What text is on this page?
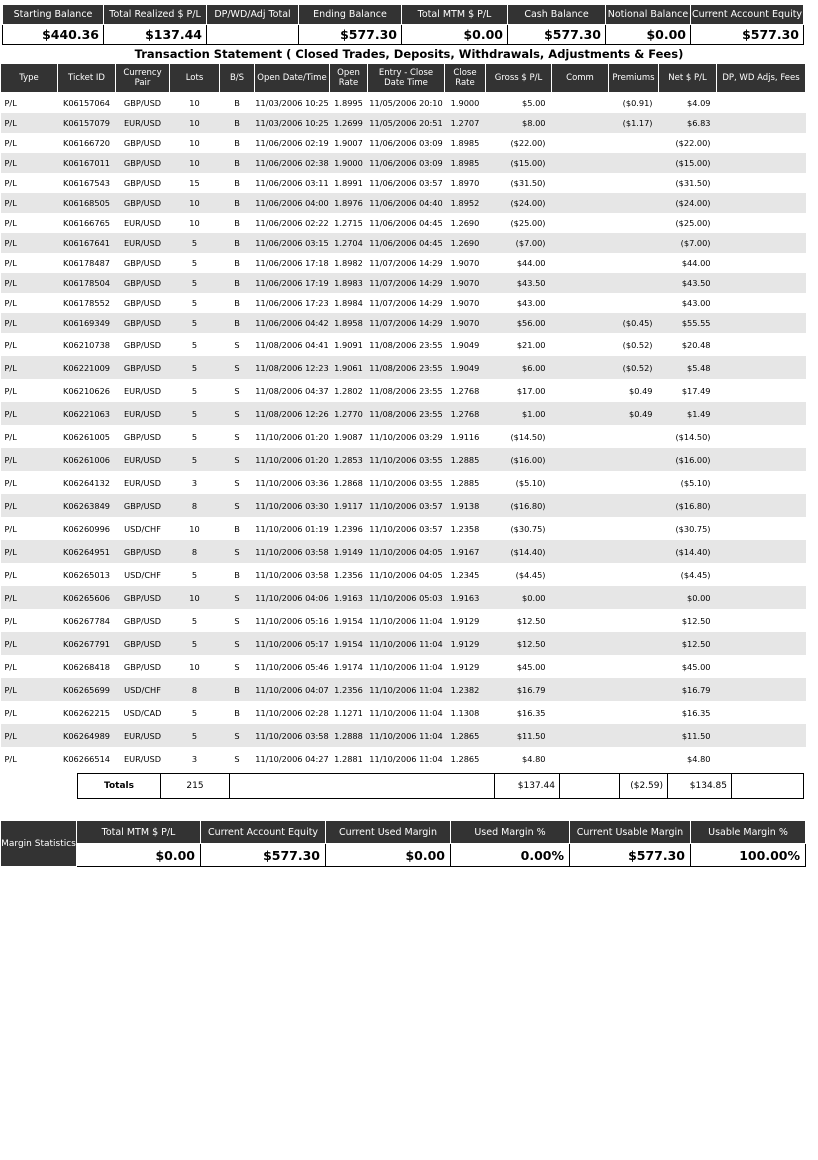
Starting Balance	Total Realized $ P/L	DP/WD/Adj Total	Ending Balance	Total MTM $ P/L	Cash Balance	Notional Balance	Current Account Equity
$440.36	$137.44		$577.30	$0.00	$577.30	$0.00	$577.30
Transaction Statement ( Closed Trades, Deposits, Withdrawals, Adjustments & Fees)
Type	Ticket ID	Currency Pair	Lots	B/S	Open Date/Time	Open Rate	Entry - Close Date Time	Close Rate	Gross $ P/L	Comm	Premiums	Net $ P/L	DP, WD Adjs, Fees
P/L	K06157064	GBP/USD	10	B	11/03/2006 10:25	1.8995	11/05/2006 20:10	1.9000	$5.00		($0.91)	$4.09	
P/L	K06157079	EUR/USD	10	B	11/03/2006 10:25	1.2699	11/05/2006 20:51	1.2707	$8.00		($1.17)	$6.83	
P/L	K06166720	GBP/USD	10	B	11/06/2006 02:19	1.9007	11/06/2006 03:09	1.8985	($22.00)			($22.00)	
P/L	K06167011	GBP/USD	10	B	11/06/2006 02:38	1.9000	11/06/2006 03:09	1.8985	($15.00)			($15.00)	
P/L	K06167543	GBP/USD	15	B	11/06/2006 03:11	1.8991	11/06/2006 03:57	1.8970	($31.50)			($31.50)	
P/L	K06168505	GBP/USD	10	B	11/06/2006 04:00	1.8976	11/06/2006 04:40	1.8952	($24.00)			($24.00)	
P/L	K06166765	EUR/USD	10	B	11/06/2006 02:22	1.2715	11/06/2006 04:45	1.2690	($25.00)			($25.00)	
P/L	K06167641	EUR/USD	5	B	11/06/2006 03:15	1.2704	11/06/2006 04:45	1.2690	($7.00)			($7.00)	
P/L	K06178487	GBP/USD	5	B	11/06/2006 17:18	1.8982	11/07/2006 14:29	1.9070	$44.00			$44.00	
P/L	K06178504	GBP/USD	5	B	11/06/2006 17:19	1.8983	11/07/2006 14:29	1.9070	$43.50			$43.50	
P/L	K06178552	GBP/USD	5	B	11/06/2006 17:23	1.8984	11/07/2006 14:29	1.9070	$43.00			$43.00	
P/L	K06169349	GBP/USD	5	B	11/06/2006 04:42	1.8958	11/07/2006 14:29	1.9070	$56.00		($0.45)	$55.55	
P/L	K06210738	GBP/USD	5	S	11/08/2006 04:41	1.9091	11/08/2006 23:55	1.9049	$21.00		($0.52)	$20.48	
P/L	K06221009	GBP/USD	5	S	11/08/2006 12:23	1.9061	11/08/2006 23:55	1.9049	$6.00		($0.52)	$5.48	
P/L	K06210626	EUR/USD	5	S	11/08/2006 04:37	1.2802	11/08/2006 23:55	1.2768	$17.00		$0.49	$17.49	
P/L	K06221063	EUR/USD	5	S	11/08/2006 12:26	1.2770	11/08/2006 23:55	1.2768	$1.00		$0.49	$1.49	
P/L	K06261005	GBP/USD	5	S	11/10/2006 01:20	1.9087	11/10/2006 03:29	1.9116	($14.50)			($14.50)	
P/L	K06261006	EUR/USD	5	S	11/10/2006 01:20	1.2853	11/10/2006 03:55	1.2885	($16.00)			($16.00)	
P/L	K06264132	EUR/USD	3	S	11/10/2006 03:36	1.2868	11/10/2006 03:55	1.2885	($5.10)			($5.10)	
P/L	K06263849	GBP/USD	8	S	11/10/2006 03:30	1.9117	11/10/2006 03:57	1.9138	($16.80)			($16.80)	
P/L	K06260996	USD/CHF	10	B	11/10/2006 01:19	1.2396	11/10/2006 03:57	1.2358	($30.75)			($30.75)	
P/L	K06264951	GBP/USD	8	S	11/10/2006 03:58	1.9149	11/10/2006 04:05	1.9167	($14.40)			($14.40)	
P/L	K06265013	USD/CHF	5	B	11/10/2006 03:58	1.2356	11/10/2006 04:05	1.2345	($4.45)			($4.45)	
P/L	K06265606	GBP/USD	10	S	11/10/2006 04:06	1.9163	11/10/2006 05:03	1.9163	$0.00			$0.00	
P/L	K06267784	GBP/USD	5	S	11/10/2006 05:16	1.9154	11/10/2006 11:04	1.9129	$12.50			$12.50	
P/L	K06267791	GBP/USD	5	S	11/10/2006 05:17	1.9154	11/10/2006 11:04	1.9129	$12.50			$12.50	
P/L	K06268418	GBP/USD	10	S	11/10/2006 05:46	1.9174	11/10/2006 11:04	1.9129	$45.00			$45.00	
P/L	K06265699	USD/CHF	8	B	11/10/2006 04:07	1.2356	11/10/2006 11:04	1.2382	$16.79			$16.79	
P/L	K06262215	USD/CAD	5	B	11/10/2006 02:28	1.1271	11/10/2006 11:04	1.1308	$16.35			$16.35	
P/L	K06264989	EUR/USD	5	S	11/10/2006 03:58	1.2888	11/10/2006 11:04	1.2865	$11.50			$11.50	
P/L	K06266514	EUR/USD	3	S	11/10/2006 04:27	1.2881	11/10/2006 11:04	1.2865	$4.80			$4.80	
Totals	215		$137.44		($2.59)	$134.85	
Margin Statistics	Total MTM $ P/L	Current Account Equity	Current Used Margin	Used Margin %	Current Usable Margin	Usable Margin %
	$0.00	$577.30	$0.00	0.00%	$577.30	100.00%
